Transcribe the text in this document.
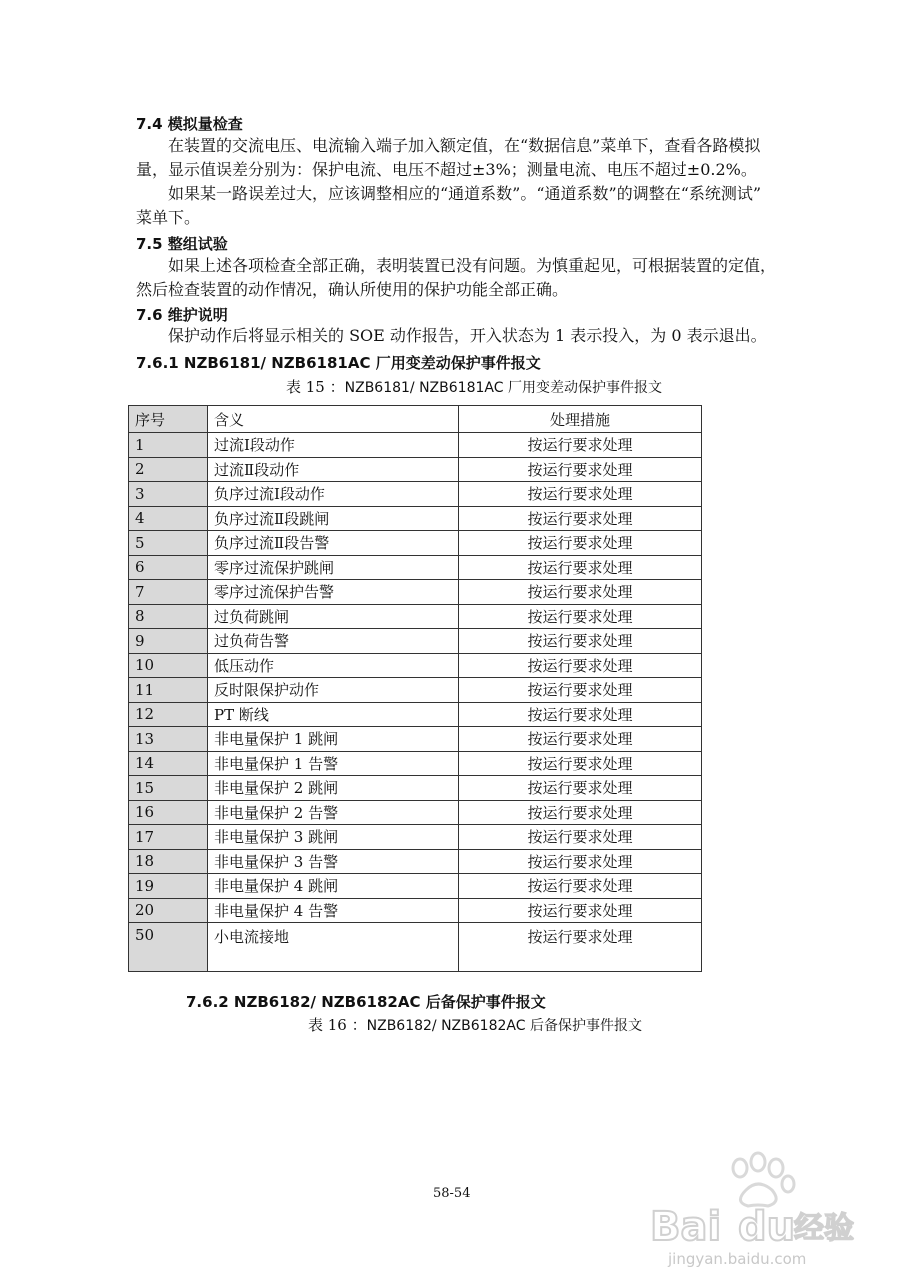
7.4 模拟量检查
在装置的交流电压、电流输入端子加入额定值，在“数据信息”菜单下，查看各路模拟
量，显示值误差分别为：保护电流、电压不超过±3%；测量电流、电压不超过±0.2%。
如果某一路误差过大，应该调整相应的“通道系数”。“通道系数”的调整在“系统测试”
菜单下。
7.5 整组试验
如果上述各项检查全部正确，表明装置已没有问题。为慎重起见，可根据装置的定值，
然后检查装置的动作情况，确认所使用的保护功能全部正确。
7.6 维护说明
保护动作后将显示相关的 SOE 动作报告，开入状态为 1 表示投入，为 0 表示退出。
7.6.1 NZB6181/ NZB6181AC 厂用变差动保护事件报文
表 15 ：NZB6181/ NZB6181AC 厂用变差动保护事件报文
序号	含义	处理措施
1	过流Ⅰ段动作	按运行要求处理
2	过流Ⅱ段动作	按运行要求处理
3	负序过流Ⅰ段动作	按运行要求处理
4	负序过流Ⅱ段跳闸	按运行要求处理
5	负序过流Ⅱ段告警	按运行要求处理
6	零序过流保护跳闸	按运行要求处理
7	零序过流保护告警	按运行要求处理
8	过负荷跳闸	按运行要求处理
9	过负荷告警	按运行要求处理
10	低压动作	按运行要求处理
11	反时限保护动作	按运行要求处理
12	PT 断线	按运行要求处理
13	非电量保护 1 跳闸	按运行要求处理
14	非电量保护 1 告警	按运行要求处理
15	非电量保护 2 跳闸	按运行要求处理
16	非电量保护 2 告警	按运行要求处理
17	非电量保护 3 跳闸	按运行要求处理
18	非电量保护 3 告警	按运行要求处理
19	非电量保护 4 跳闸	按运行要求处理
20	非电量保护 4 告警	按运行要求处理
50	小电流接地	按运行要求处理
7.6.2 NZB6182/ NZB6182AC 后备保护事件报文
表 16 ：NZB6182/ NZB6182AC 后备保护事件报文
58-54
Bai du
经验
jingyan.baidu.com
